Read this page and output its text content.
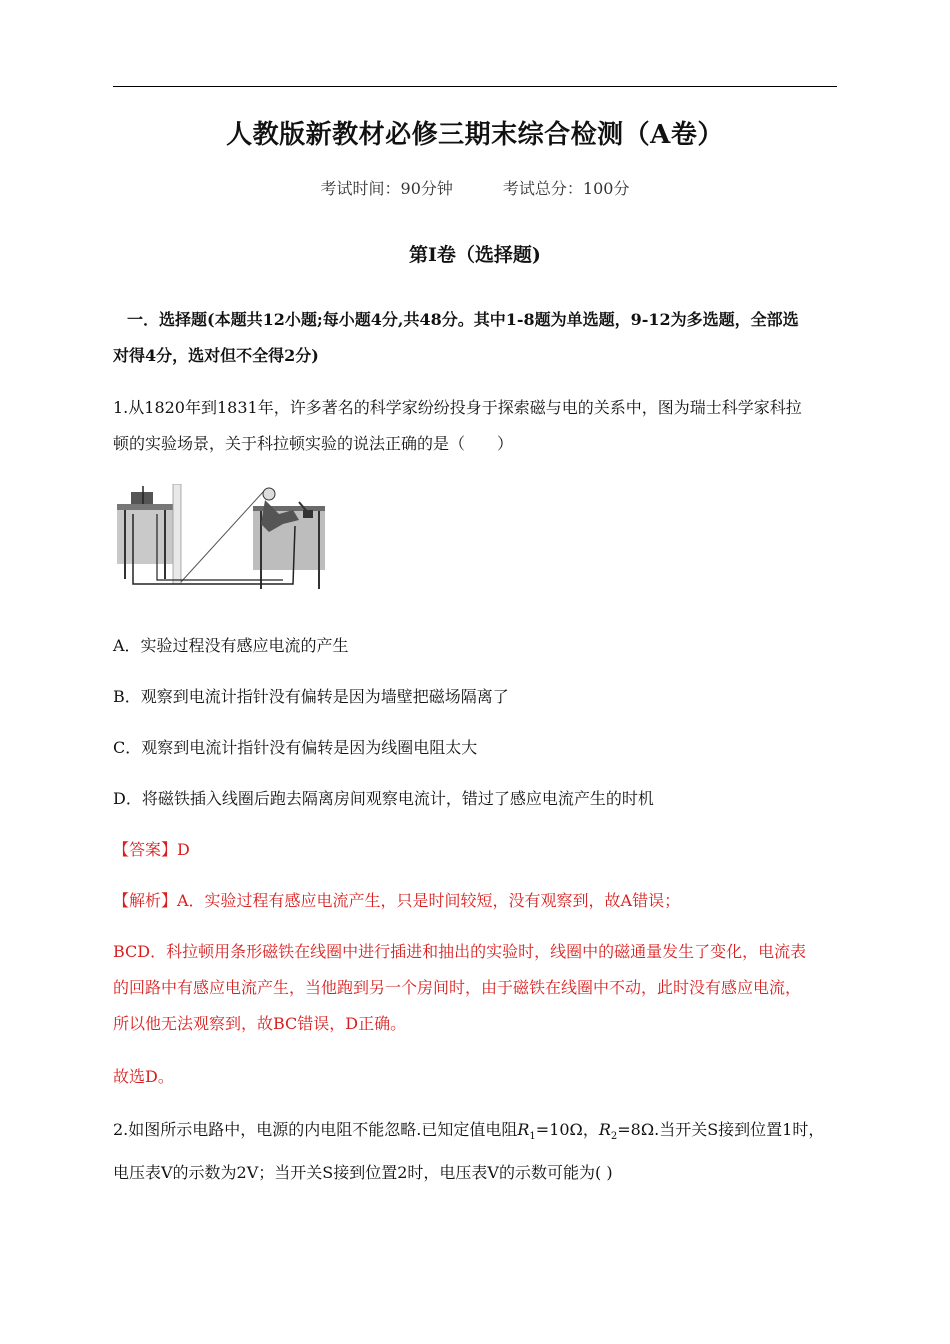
人教版新教材必修三期末综合检测（A卷）
考试时间：90分钟	考试总分：100分
第I卷（选择题)
一．选择题(本题共12小题;每小题4分,共48分。其中1-8题为单选题，9-12为多选题，全部选
对得4分，选对但不全得2分)
1.从1820年到1831年，许多著名的科学家纷纷投身于探索磁与电的关系中，图为瑞士科学家科拉
顿的实验场景，关于科拉顿实验的说法正确的是（　　）
A．实验过程没有感应电流的产生
B．观察到电流计指针没有偏转是因为墙壁把磁场隔离了
C．观察到电流计指针没有偏转是因为线圈电阻太大
D．将磁铁插入线圈后跑去隔离房间观察电流计，错过了感应电流产生的时机
【答案】D
【解析】A．实验过程有感应电流产生，只是时间较短，没有观察到，故A错误；
BCD．科拉顿用条形磁铁在线圈中进行插进和抽出的实验时，线圈中的磁通量发生了变化，电流表
的回路中有感应电流产生，当他跑到另一个房间时，由于磁铁在线圈中不动，此时没有感应电流，
所以他无法观察到，故BC错误，D正确。
故选D。
2.如图所示电路中，电源的内电阻不能忽略.已知定值电阻$R_1=10\Omega$，$R_2=8\Omega$.当开关S接到位置1时，
电压表V的示数为2V；当开关S接到位置2时，电压表V的示数可能为( )
